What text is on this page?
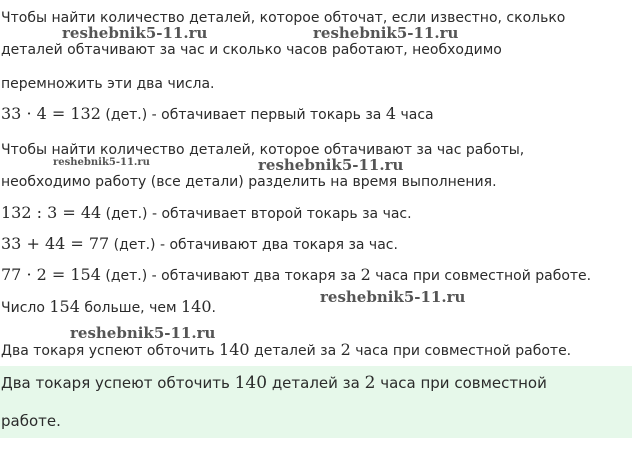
Чтобы найти количество деталей, которое обточат, если известно, сколько
деталей обтачивают за час и сколько часов работают, необходимо
перемножить эти два числа.
33 · 4 = 132 (дет.) - обтачивает первый токарь за 4 часа
Чтобы найти количество деталей, которое обтачивают за час работы,
необходимо работу (все детали) разделить на время выполнения.
132 : 3 = 44 (дет.) - обтачивает второй токарь за час.
33 + 44 = 77 (дет.) - обтачивают два токаря за час.
77 · 2 = 154 (дет.) - обтачивают два токаря за 2 часа при совместной работе.
Число 154 больше, чем 140.
Два токаря успеют обточить 140 деталей за 2 часа при совместной работе.
Два токаря успеют обточить 140 деталей за 2 часа при совместной
работе.
reshebnik5-11.ru	reshebnik5-11.ru
reshebnik5-11.ru	reshebnik5-11.ru
reshebnik5-11.ru
reshebnik5-11.ru
